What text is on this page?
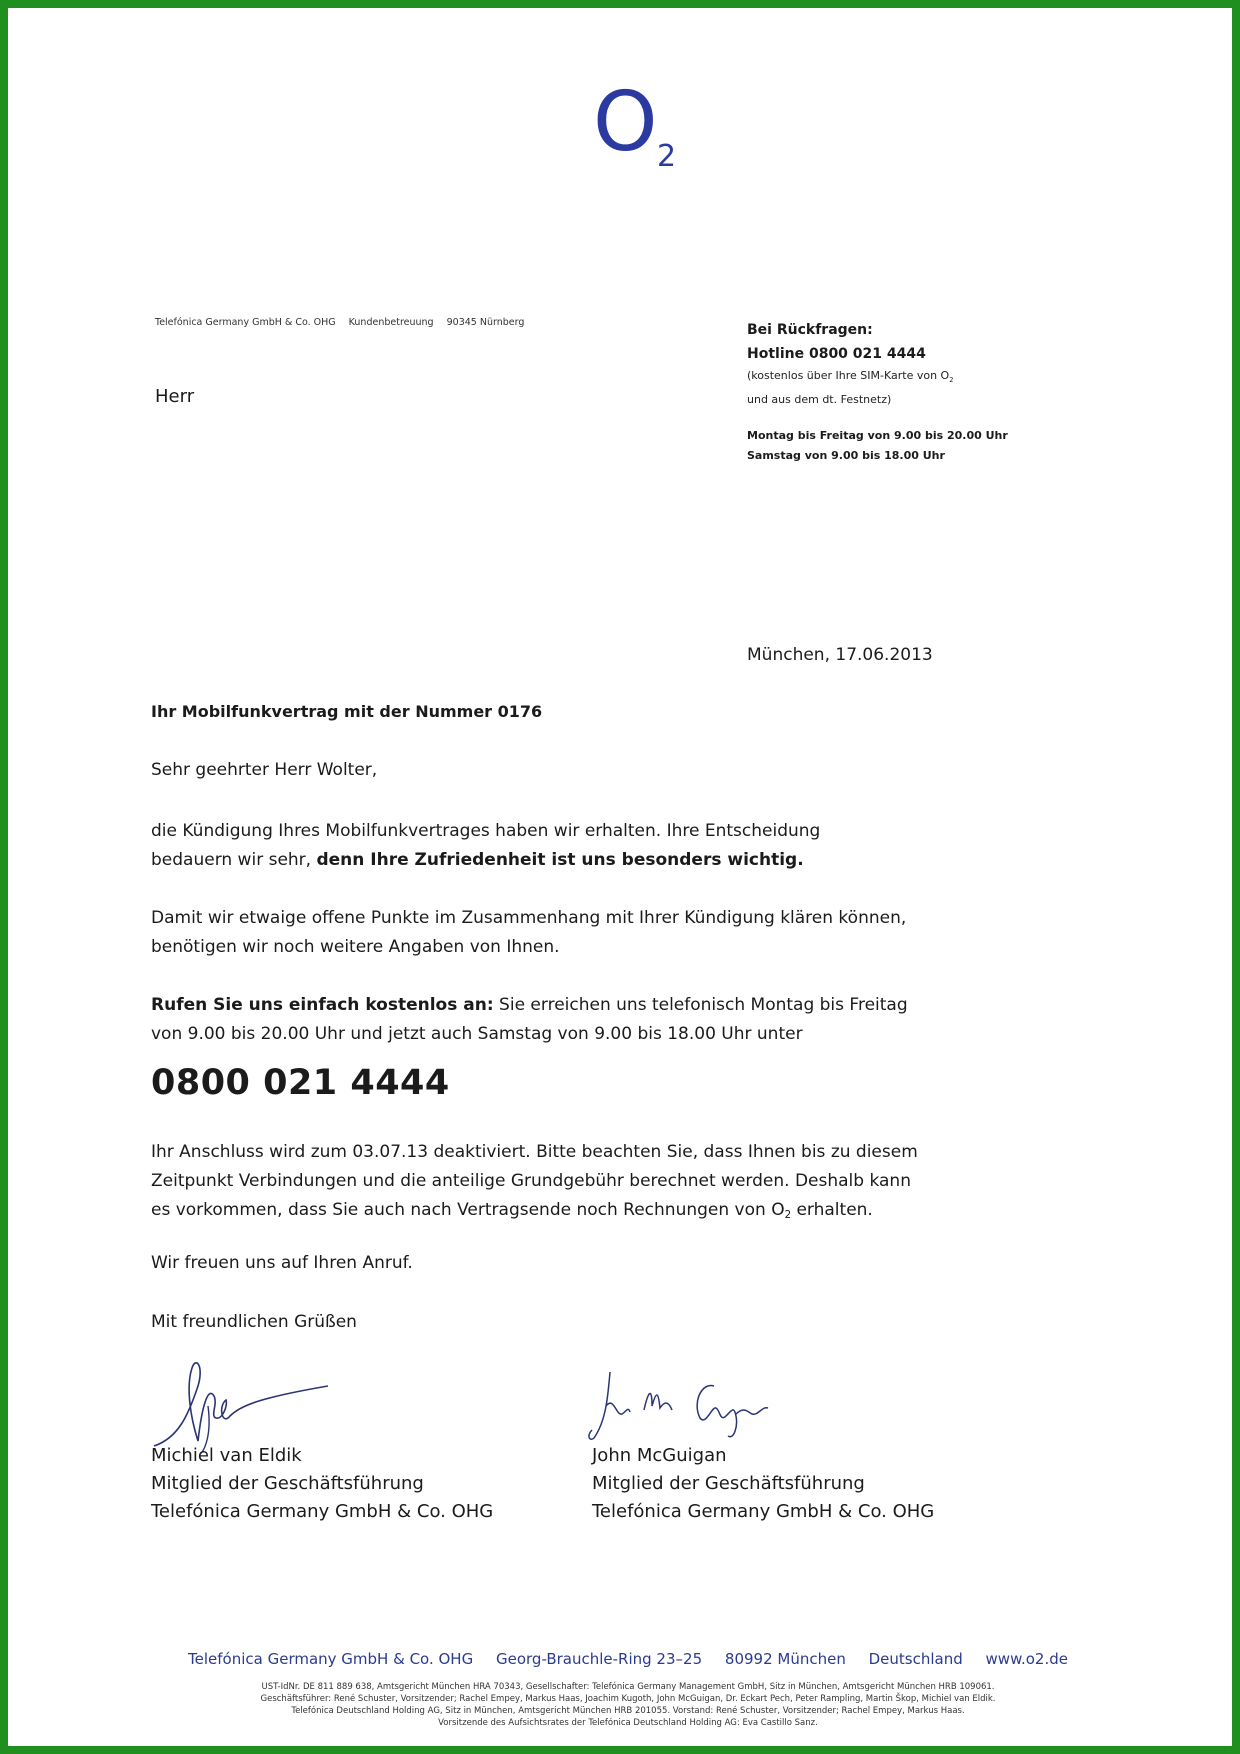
O 2
Telefónica Germany GmbH & Co. OHG Kundenbetreuung 90345 Nürnberg
Herr
Bei Rückfragen:
Hotline 0800 021 4444
(kostenlos über Ihre SIM-Karte von $O_2$
und aus dem dt. Festnetz)
Montag bis Freitag von 9.00 bis 20.00 Uhr
Samstag von 9.00 bis 18.00 Uhr
München, 17.06.2013
Ihr Mobilfunkvertrag mit der Nummer 0176
Sehr geehrter Herr Wolter,
die Kündigung Ihres Mobilfunkvertrages haben wir erhalten. Ihre Entscheidung
bedauern wir sehr, denn Ihre Zufriedenheit ist uns besonders wichtig.
Damit wir etwaige offene Punkte im Zusammenhang mit Ihrer Kündigung klären können,
benötigen wir noch weitere Angaben von Ihnen.
Rufen Sie uns einfach kostenlos an: Sie erreichen uns telefonisch Montag bis Freitag
von 9.00 bis 20.00 Uhr und jetzt auch Samstag von 9.00 bis 18.00 Uhr unter
0800 021 4444
Ihr Anschluss wird zum 03.07.13 deaktiviert. Bitte beachten Sie, dass Ihnen bis zu diesem
Zeitpunkt Verbindungen und die anteilige Grundgebühr berechnet werden. Deshalb kann
es vorkommen, dass Sie auch nach Vertragsende noch Rechnungen von $O_2$ erhalten.
Wir freuen uns auf Ihren Anruf.
Mit freundlichen Grüßen
Michiel van Eldik
Mitglied der Geschäftsführung
Telefónica Germany GmbH & Co. OHG
John McGuigan
Mitglied der Geschäftsführung
Telefónica Germany GmbH & Co. OHG
Telefónica Germany GmbH & Co. OHG Georg-Brauchle-Ring 23–25 80992 München Deutschland www.o2.de
UST-IdNr. DE 811 889 638, Amtsgericht München HRA 70343, Gesellschafter: Telefónica Germany Management GmbH, Sitz in München, Amtsgericht München HRB 109061.
Geschäftsführer: René Schuster, Vorsitzender; Rachel Empey, Markus Haas, Joachim Kugoth, John McGuigan, Dr. Eckart Pech, Peter Rampling, Martin Škop, Michiel van Eldik.
Telefónica Deutschland Holding AG, Sitz in München, Amtsgericht München HRB 201055. Vorstand: René Schuster, Vorsitzender; Rachel Empey, Markus Haas.
Vorsitzende des Aufsichtsrates der Telefónica Deutschland Holding AG: Eva Castillo Sanz.
